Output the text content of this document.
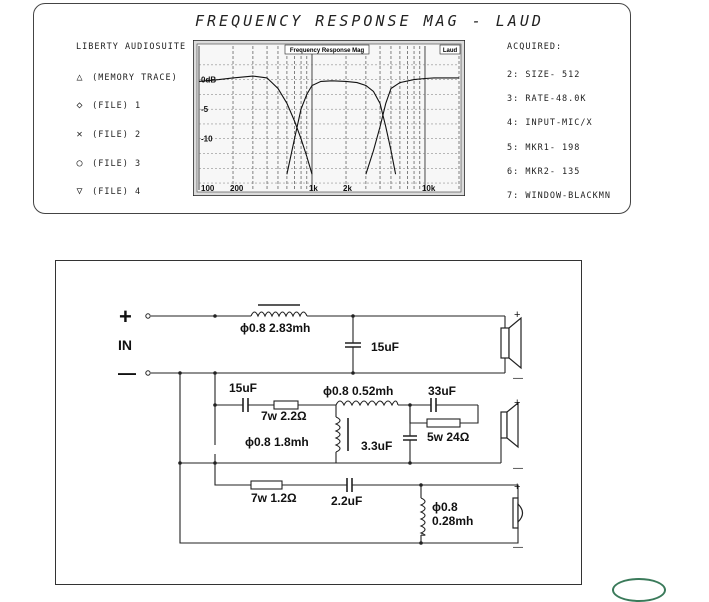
FREQUENCY RESPONSE MAG - LAUD
LIBERTY AUDIOSUITE
△ (MEMORY TRACE)
◇ (FILE) 1
✕ (FILE) 2
○ (FILE) 3
▽ (FILE) 4
ACQUIRED:
2: SIZE- 512
3: RATE-48.0K
4: INPUT-MIC/X
5: MKR1- 198
6: MKR2- 135
7: WINDOW-BLACKMN
Frequency Response Mag	Laud
0dB
-5
-10
100 200	1k	2k	10k
+
IN
—
ϕ0.8 2.83mh
15uF
15uF
7w 2.2Ω
ϕ0.8 0.52mh	33uF
ϕ0.8 1.8mh	3.3uF
5w 24Ω
7w 1.2Ω	2.2uF	ϕ0.8
0.28mh
+
—
+
—
+
—
